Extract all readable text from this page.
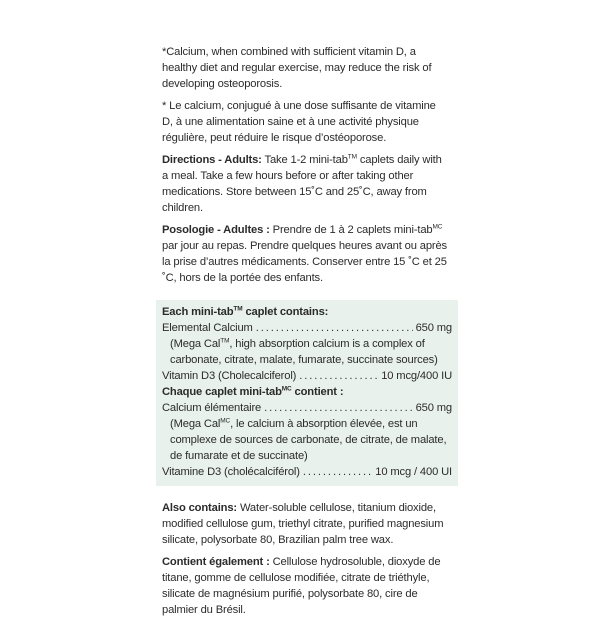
*Calcium, when combined with sufficient vitamin D, a healthy diet and regular exercise, may reduce the risk of developing osteoporosis.

* Le calcium, conjugué à une dose suffisante de vitamine D, à une alimentation saine et à une activité physique régulière, peut réduire le risque d’ostéoporose.

Directions - Adults: Take 1-2 mini-tab™ caplets daily with a meal. Take a few hours before or after taking other medications. Store between 15˚C and 25˚C, away from children.

Posologie - Adultes : Prendre de 1 à 2 caplets mini-tab$^{MC}$ par jour au repas. Prendre quelques heures avant ou après la prise d’autres médicaments. Conserver entre 15 ˚C et 25 ˚C, hors de la portée des enfants.

Each mini-tab™ caplet contains:

Elemental Calcium . . .	650 mg

(Mega Cal™, high absorption calcium is a complex of carbonate, citrate, malate, fumarate, succinate sources)

Vitamin D3 (Cholecalciferol) . . .	10 mcg/400 IU

Chaque caplet mini-tab$^{MC}$ contient :

Calcium élémentaire . . .	650 mg

(Mega Cal$^{MC}$, le calcium à absorption élevée, est un complexe de sources de carbonate, de citrate, de malate, de fumarate et de succinate)

Vitamine D3 (cholécalciférol) . . .	10 mcg / 400 UI

Also contains: Water-soluble cellulose, titanium dioxide, modified cellulose gum, triethyl citrate, purified magnesium silicate, polysorbate 80, Brazilian palm tree wax.

Contient également : Cellulose hydrosoluble, dioxyde de titane, gomme de cellulose modifiée, citrate de triéthyle, silicate de magnésium purifié, polysorbate 80, cire de palmier du Brésil.
